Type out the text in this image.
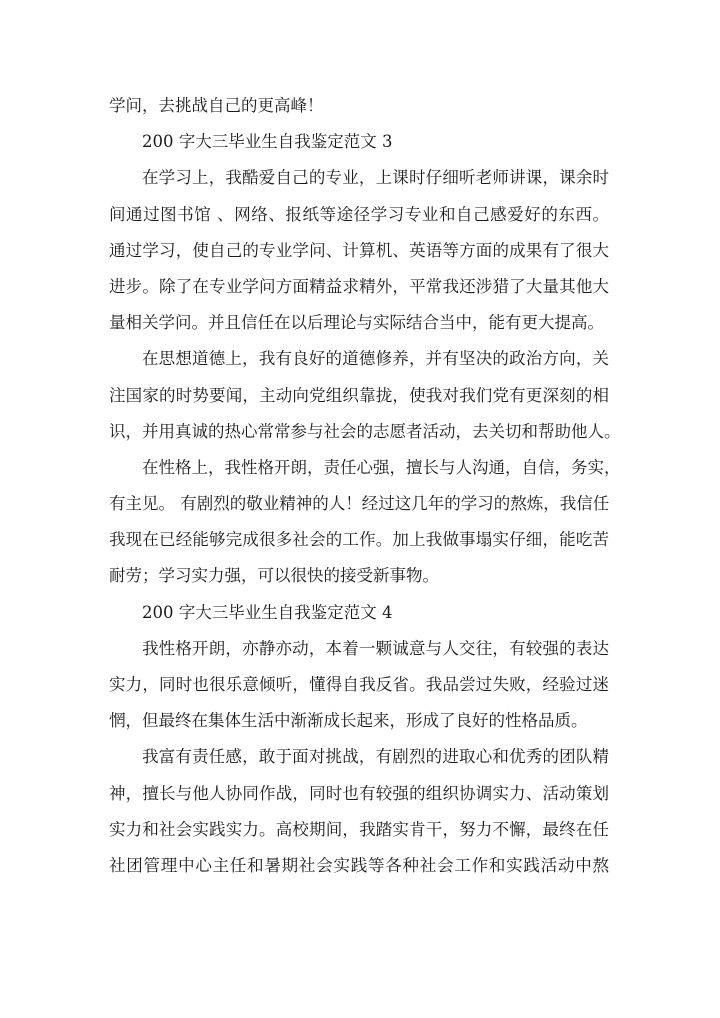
学问，去挑战自己的更高峰！
200 字大三毕业生自我鉴定范文 3
在学习上，我酷爱自己的专业，上课时仔细听老师讲课，课余时
间通过图书馆 、网络、报纸等途径学习专业和自己感爱好的东西。
通过学习，使自己的专业学问、计算机、英语等方面的成果有了很大
进步。除了在专业学问方面精益求精外，平常我还涉猎了大量其他大
量相关学问。并且信任在以后理论与实际结合当中，能有更大提高。
在思想道德上，我有良好的道德修养，并有坚决的政治方向，关
注国家的时势要闻，主动向党组织靠拢，使我对我们党有更深刻的相
识，并用真诚的热心常常参与社会的志愿者活动，去关切和帮助他人。
在性格上，我性格开朗，责任心强，擅长与人沟通，自信，务实，
有主见。 有剧烈的敬业精神的人！经过这几年的学习的熬炼，我信任
我现在已经能够完成很多社会的工作。加上我做事塌实仔细，能吃苦
耐劳；学习实力强，可以很快的接受新事物。
200 字大三毕业生自我鉴定范文 4
我性格开朗，亦静亦动，本着一颗诚意与人交往，有较强的表达
实力，同时也很乐意倾听，懂得自我反省。我品尝过失败，经验过迷
惘，但最终在集体生活中渐渐成长起来，形成了良好的性格品质。
我富有责任感，敢于面对挑战，有剧烈的进取心和优秀的团队精
神，擅长与他人协同作战，同时也有较强的组织协调实力、活动策划
实力和社会实践实力。高校期间，我踏实肯干，努力不懈，最终在任
社团管理中心主任和暑期社会实践等各种社会工作和实践活动中熬
